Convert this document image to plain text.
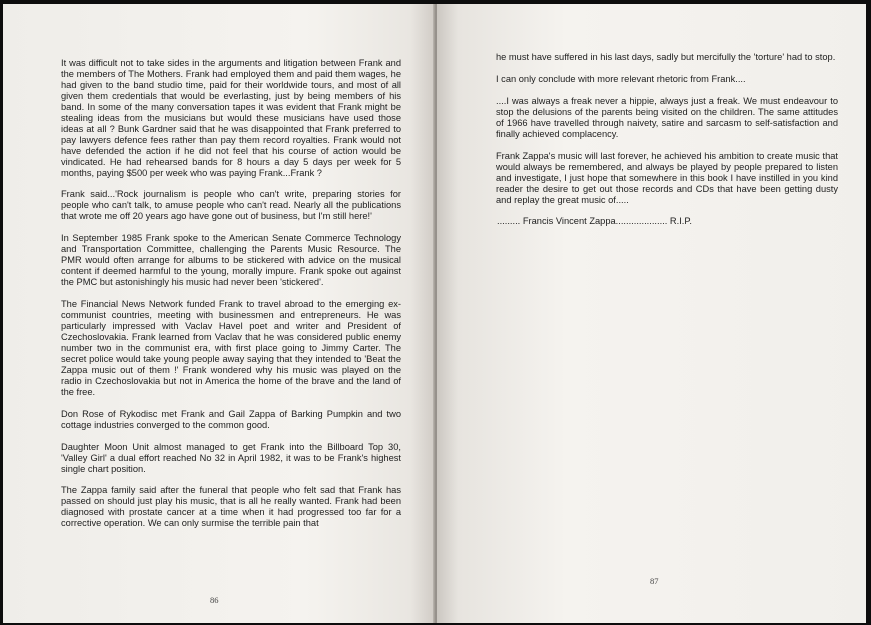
It was difficult not to take sides in the arguments and litigation between Frank and the members of The Mothers. Frank had employed them and paid them wages, he had given to the band studio time, paid for their worldwide tours, and most of all given them credentials that would be everlasting, just by being members of his band. In some of the many conversation tapes it was evident that Frank might be stealing ideas from the musicians but would these musicians have used those ideas at all ? Bunk Gardner said that he was disappointed that Frank preferred to pay lawyers defence fees rather than pay them record royalties. Frank would not have defended the action if he did not feel that his course of action would be vindicated. He had rehearsed bands for 8 hours a day 5 days per week for 5 months, paying $500 per week who was paying Frank...Frank ?

Frank said...'Rock journalism is people who can't write, preparing stories for people who can't talk, to amuse people who can't read. Nearly all the publications that wrote me off 20 years ago have gone out of business, but I'm still here!'

In September 1985 Frank spoke to the American Senate Commerce Technology and Transportation Committee, challenging the Parents Music Resource. The PMR would often arrange for albums to be stickered with advice on the musical content if deemed harmful to the young, morally impure. Frank spoke out against the PMC but astonishingly his music had never been 'stickered'.

The Financial News Network funded Frank to travel abroad to the emerging ex-communist countries, meeting with businessmen and entrepreneurs. He was particularly impressed with Vaclav Havel poet and writer and President of Czechoslovakia. Frank learned from Vaclav that he was considered public enemy number two in the communist era, with first place going to Jimmy Carter. The secret police would take young people away saying that they intended to 'Beat the Zappa music out of them !' Frank wondered why his music was played on the radio in Czechoslovakia but not in America the home of the brave and the land of the free.

Don Rose of Rykodisc met Frank and Gail Zappa of Barking Pumpkin and two cottage industries converged to the common good.

Daughter Moon Unit almost managed to get Frank into the Billboard Top 30, 'Valley Girl' a dual effort reached No 32 in April 1982, it was to be Frank's highest single chart position.

The Zappa family said after the funeral that people who felt sad that Frank has passed on should just play his music, that is all he really wanted. Frank had been diagnosed with prostate cancer at a time when it had progressed too far for a corrective operation. We can only surmise the terrible pain that

86

he must have suffered in his last days, sadly but mercifully the 'torture' had to stop.

I can only conclude with more relevant rhetoric from Frank....

....I was always a freak never a hippie, always just a freak. We must endeavour to stop the delusions of the parents being visited on the children. The same attitudes of 1966 have travelled through naivety, satire and sarcasm to self-satisfaction and finally achieved complacency.

Frank Zappa's music will last forever, he achieved his ambition to create music that would always be remembered, and always be played by people prepared to listen and investigate, I just hope that somewhere in this book I have instilled in you kind reader the desire to get out those records and CDs that have been getting dusty and replay the great music of.....

......... Francis Vincent Zappa.................... R.I.P.

87
